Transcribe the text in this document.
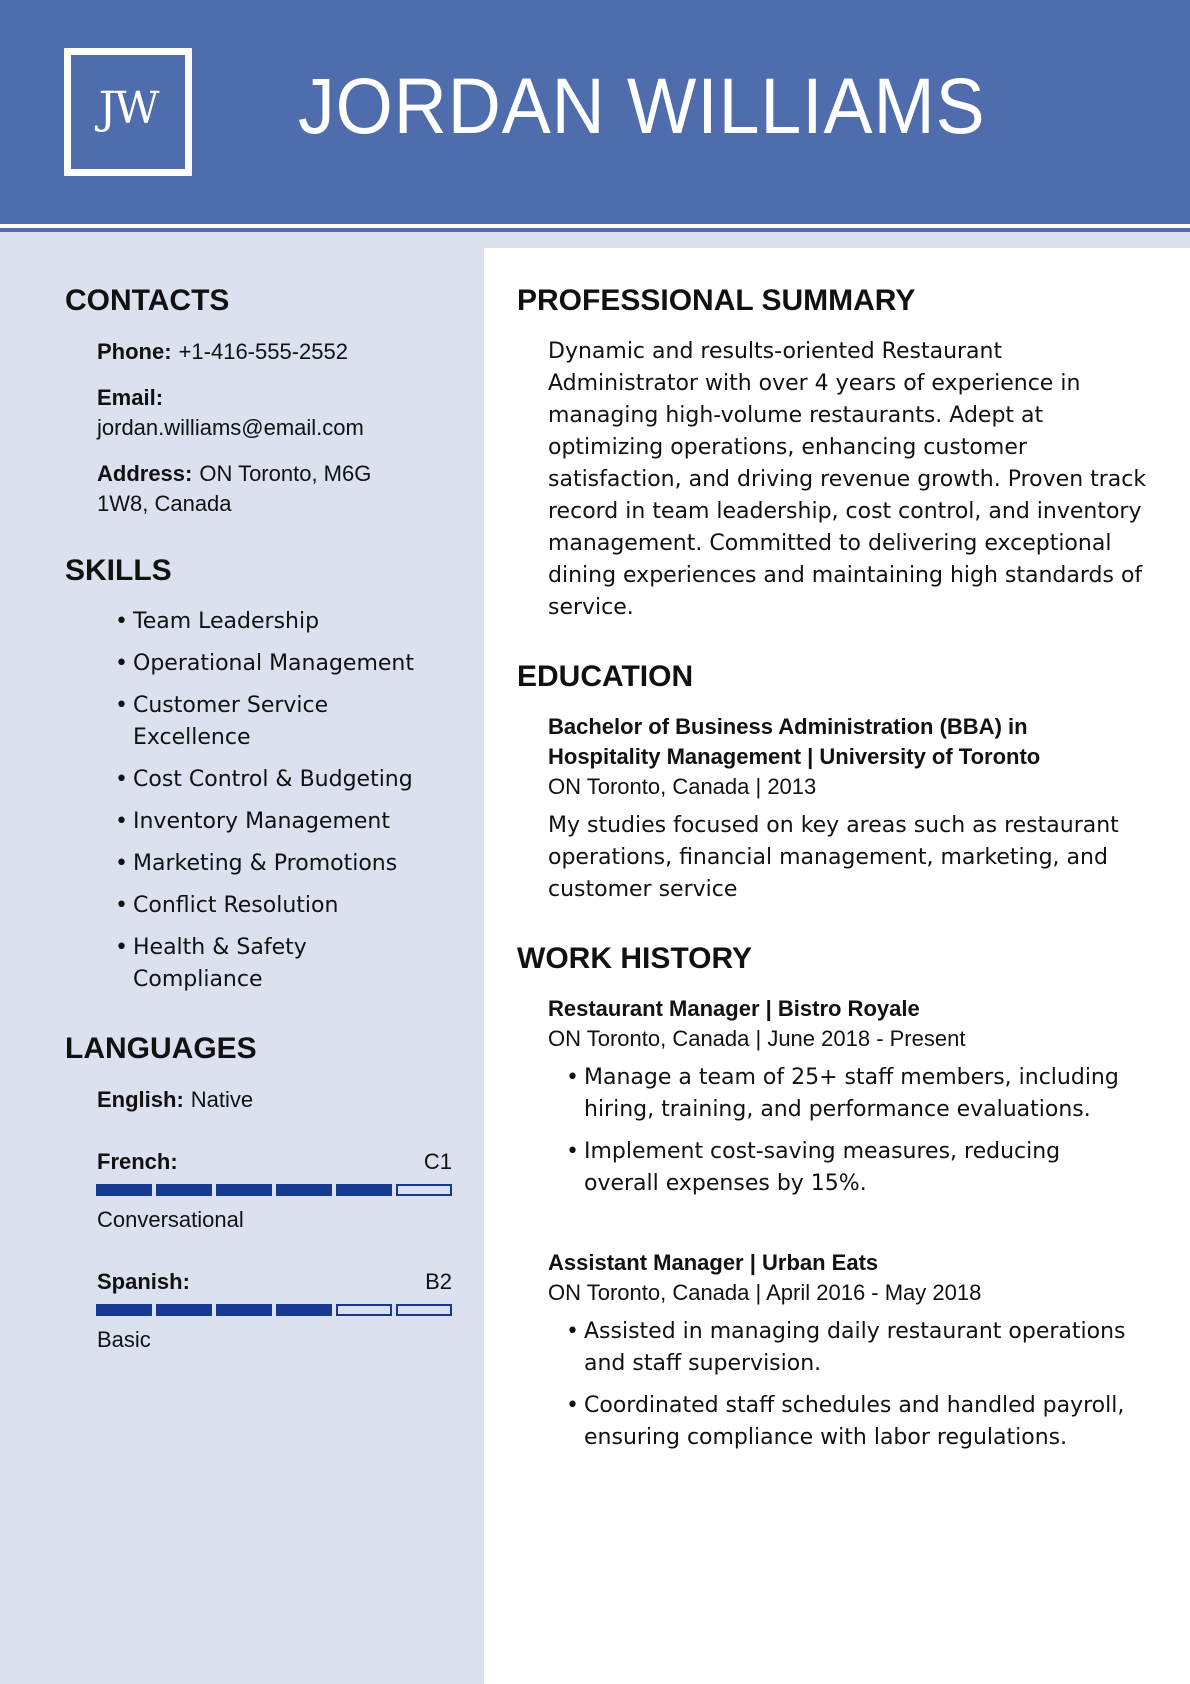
JW JORDAN WILLIAMS
CONTACTS
Phone: +1-416-555-2552
Email:
jordan.williams@email.com
Address: ON Toronto, M6G
1W8, Canada
SKILLS
• Team Leadership
• Operational Management
• Customer Service
Excellence
• Cost Control & Budgeting
• Inventory Management
• Marketing & Promotions
• Conflict Resolution
• Health & Safety
Compliance
LANGUAGES
English: Native
French:	C1
Conversational
Spanish:	B2
Basic
PROFESSIONAL SUMMARY

Dynamic and results-oriented Restaurant Administrator with over 4 years of experience in managing high-volume restaurants. Adept at optimizing operations, enhancing customer satisfaction, and driving revenue growth. Proven track record in team leadership, cost control, and inventory management. Committed to delivering exceptional dining experiences and maintaining high standards of service.

EDUCATION
Bachelor of Business Administration (BBA) in
Hospitality Management | University of Toronto
ON Toronto, Canada | 2013

My studies focused on key areas such as restaurant operations, financial management, marketing, and customer service

WORK HISTORY
Restaurant Manager | Bistro Royale
ON Toronto, Canada | June 2018 - Present
• Manage a team of 25+ staff members, including hiring, training, and performance evaluations.
• Implement cost-saving measures, reducing overall expenses by 15%.
Assistant Manager | Urban Eats
ON Toronto, Canada | April 2016 - May 2018
• Assisted in managing daily restaurant operations and staff supervision.
• Coordinated staff schedules and handled payroll, ensuring compliance with labor regulations.
